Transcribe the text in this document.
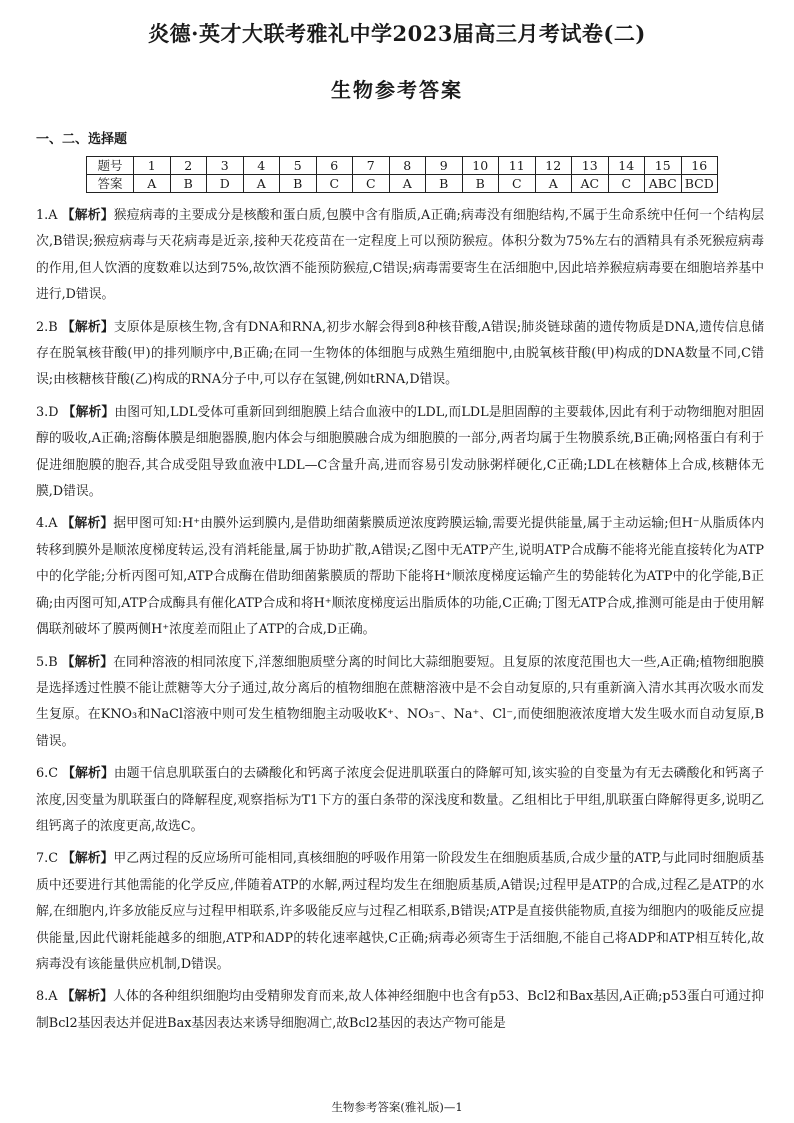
炎德·英才大联考雅礼中学2023届高三月考试卷(二)
生物参考答案
一、二、选择题
题号	1	2	3	4	5	6	7	8	9	10	11	12	13	14	15	16
答案	A	B	D	A	B	C	C	A	B	B	C	A	AC	C	ABC	BCD

1.A 【解析】猴痘病毒的主要成分是核酸和蛋白质,包膜中含有脂质,A正确;病毒没有细胞结构,不属于生命系统中任何一个结构层次,B错误;猴痘病毒与天花病毒是近亲,接种天花疫苗在一定程度上可以预防猴痘。体积分数为75%左右的酒精具有杀死猴痘病毒的作用,但人饮酒的度数难以达到75%,故饮酒不能预防猴痘,C错误;病毒需要寄生在活细胞中,因此培养猴痘病毒要在细胞培养基中进行,D错误。

2.B 【解析】支原体是原核生物,含有DNA和RNA,初步水解会得到8种核苷酸,A错误;肺炎链球菌的遗传物质是DNA,遗传信息储存在脱氧核苷酸(甲)的排列顺序中,B正确;在同一生物体的体细胞与成熟生殖细胞中,由脱氧核苷酸(甲)构成的DNA数量不同,C错误;由核糖核苷酸(乙)构成的RNA分子中,可以存在氢键,例如tRNA,D错误。

3.D 【解析】由图可知,LDL受体可重新回到细胞膜上结合血液中的LDL,而LDL是胆固醇的主要载体,因此有利于动物细胞对胆固醇的吸收,A正确;溶酶体膜是细胞器膜,胞内体会与细胞膜融合成为细胞膜的一部分,两者均属于生物膜系统,B正确;网格蛋白有利于促进细胞膜的胞吞,其合成受阻导致血液中LDL—C含量升高,进而容易引发动脉粥样硬化,C正确;LDL在核糖体上合成,核糖体无膜,D错误。

4.A 【解析】据甲图可知:H⁺由膜外运到膜内,是借助细菌紫膜质逆浓度跨膜运输,需要光提供能量,属于主动运输;但H⁻从脂质体内转移到膜外是顺浓度梯度转运,没有消耗能量,属于协助扩散,A错误;乙图中无ATP产生,说明ATP合成酶不能将光能直接转化为ATP中的化学能;分析丙图可知,ATP合成酶在借助细菌紫膜质的帮助下能将H⁺顺浓度梯度运输产生的势能转化为ATP中的化学能,B正确;由丙图可知,ATP合成酶具有催化ATP合成和将H⁺顺浓度梯度运出脂质体的功能,C正确;丁图无ATP合成,推测可能是由于使用解偶联剂破坏了膜两侧H⁺浓度差而阻止了ATP的合成,D正确。

5.B 【解析】在同种溶液的相同浓度下,洋葱细胞质壁分离的时间比大蒜细胞要短。且复原的浓度范围也大一些,A正确;植物细胞膜是选择透过性膜不能让蔗糖等大分子通过,故分离后的植物细胞在蔗糖溶液中是不会自动复原的,只有重新滴入清水其再次吸水而发生复原。在KNO₃和NaCl溶液中则可发生植物细胞主动吸收K⁺、NO₃⁻、Na⁺、Cl⁻,而使细胞液浓度增大发生吸水而自动复原,B错误。

6.C 【解析】由题干信息肌联蛋白的去磷酸化和钙离子浓度会促进肌联蛋白的降解可知,该实验的自变量为有无去磷酸化和钙离子浓度,因变量为肌联蛋白的降解程度,观察指标为T1下方的蛋白条带的深浅度和数量。乙组相比于甲组,肌联蛋白降解得更多,说明乙组钙离子的浓度更高,故选C。

7.C 【解析】甲乙两过程的反应场所可能相同,真核细胞的呼吸作用第一阶段发生在细胞质基质,合成少量的ATP,与此同时细胞质基质中还要进行其他需能的化学反应,伴随着ATP的水解,两过程均发生在细胞质基质,A错误;过程甲是ATP的合成,过程乙是ATP的水解,在细胞内,许多放能反应与过程甲相联系,许多吸能反应与过程乙相联系,B错误;ATP是直接供能物质,直接为细胞内的吸能反应提供能量,因此代谢耗能越多的细胞,ATP和ADP的转化速率越快,C正确;病毒必须寄生于活细胞,不能自己将ADP和ATP相互转化,故病毒没有该能量供应机制,D错误。

8.A 【解析】人体的各种组织细胞均由受精卵发育而来,故人体神经细胞中也含有p53、Bcl2和Bax基因,A正确;p53蛋白可通过抑制Bcl2基因表达并促进Bax基因表达来诱导细胞凋亡,故Bcl2基因的表达产物可能是

生物参考答案(雅礼版)—1
